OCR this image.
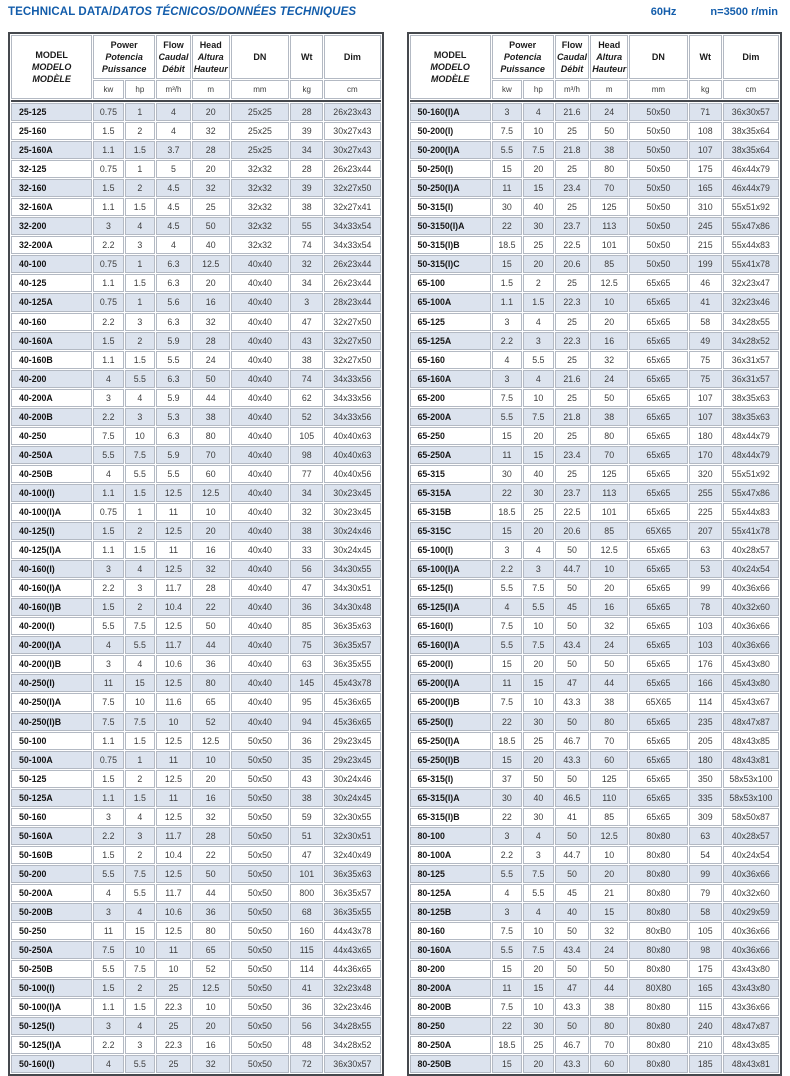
TECHNICAL DATA/DATOS TÉCNICOS/DONNÉES TECHNIQUES	60Hz	n=3500 r/min
MODEL
MODELO
MODÈLE	Power
Potencia
Puissance		Flow
Caudal
Débit	Head
Altura
Hauteur	DN	Wt	Dim
	kw	hp	m³/h	m	mm	kg	cm
25-125	0.75	1	4	20	25x25	28	26x23x43
25-160	1.5	2	4	32	25x25	39	30x27x43
25-160A	1.1	1.5	3.7	28	25x25	34	30x27x43
32-125	0.75	1	5	20	32x32	28	26x23x44
32-160	1.5	2	4.5	32	32x32	39	32x27x50
32-160A	1.1	1.5	4.5	25	32x32	38	32x27x41
32-200	3	4	4.5	50	32x32	55	34x33x54
32-200A	2.2	3	4	40	32x32	74	34x33x54
40-100	0.75	1	6.3	12.5	40x40	32	26x23x44
40-125	1.1	1.5	6.3	20	40x40	34	26x23x44
40-125A	0.75	1	5.6	16	40x40	3	28x23x44
40-160	2.2	3	6.3	32	40x40	47	32x27x50
40-160A	1.5	2	5.9	28	40x40	43	32x27x50
40-160B	1.1	1.5	5.5	24	40x40	38	32x27x50
40-200	4	5.5	6.3	50	40x40	74	34x33x56
40-200A	3	4	5.9	44	40x40	62	34x33x56
40-200B	2.2	3	5.3	38	40x40	52	34x33x56
40-250	7.5	10	6.3	80	40x40	105	40x40x63
40-250A	5.5	7.5	5.9	70	40x40	98	40x40x63
40-250B	4	5.5	5.5	60	40x40	77	40x40x56
40-100(I)	1.1	1.5	12.5	12.5	40x40	34	30x23x45
40-100(I)A	0.75	1	11	10	40x40	32	30x23x45
40-125(I)	1.5	2	12.5	20	40x40	38	30x24x46
40-125(I)A	1.1	1.5	11	16	40x40	33	30x24x45
40-160(I)	3	4	12.5	32	40x40	56	34x30x55
40-160(I)A	2.2	3	11.7	28	40x40	47	34x30x51
40-160(I)B	1.5	2	10.4	22	40x40	36	34x30x48
40-200(I)	5.5	7.5	12.5	50	40x40	85	36x35x63
40-200(I)A	4	5.5	11.7	44	40x40	75	36x35x57
40-200(I)B	3	4	10.6	36	40x40	63	36x35x55
40-250(I)	11	15	12.5	80	40x40	145	45x43x78
40-250(I)A	7.5	10	11.6	65	40x40	95	45x36x65
40-250(I)B	7.5	7.5	10	52	40x40	94	45x36x65
50-100	1.1	1.5	12.5	12.5	50x50	36	29x23x45
50-100A	0.75	1	11	10	50x50	35	29x23x45
50-125	1.5	2	12.5	20	50x50	43	30x24x46
50-125A	1.1	1.5	11	16	50x50	38	30x24x45
50-160	3	4	12.5	32	50x50	59	32x30x55
50-160A	2.2	3	11.7	28	50x50	51	32x30x51
50-160B	1.5	2	10.4	22	50x50	47	32x40x49
50-200	5.5	7.5	12.5	50	50x50	101	36x35x63
50-200A	4	5.5	11.7	44	50x50	800	36x35x57
50-200B	3	4	10.6	36	50x50	68	36x35x55
50-250	11	15	12.5	80	50x50	160	44x43x78
50-250A	7.5	10	11	65	50x50	115	44x43x65
50-250B	5.5	7.5	10	52	50x50	114	44x36x65
50-100(I)	1.5	2	25	12.5	50x50	41	32x23x48
50-100(I)A	1.1	1.5	22.3	10	50x50	36	32x23x46
50-125(I)	3	4	25	20	50x50	56	34x28x55
50-125(I)A	2.2	3	22.3	16	50x50	48	34x28x52
50-160(I)	4	5.5	25	32	50x50	72	36x30x57
MODEL
MODELO
MODÈLE	Power
Potencia
Puissance		Flow
Caudal
Débit	Head
Altura
Hauteur	DN	Wt	Dim
	kw	hp	m³/h	m	mm	kg	cm
50-160(I)A	3	4	21.6	24	50x50	71	36x30x57
50-200(I)	7.5	10	25	50	50x50	108	38x35x64
50-200(I)A	5.5	7.5	21.8	38	50x50	107	38x35x64
50-250(I)	15	20	25	80	50x50	175	46x44x79
50-250(I)A	11	15	23.4	70	50x50	165	46x44x79
50-315(I)	30	40	25	125	50x50	310	55x51x92
50-3150(I)A	22	30	23.7	113	50x50	245	55x47x86
50-315(I)B	18.5	25	22.5	101	50x50	215	55x44x83
50-315(I)C	15	20	20.6	85	50x50	199	55x41x78
65-100	1.5	2	25	12.5	65x65	46	32x23x47
65-100A	1.1	1.5	22.3	10	65x65	41	32x23x46
65-125	3	4	25	20	65x65	58	34x28x55
65-125A	2.2	3	22.3	16	65x65	49	34x28x52
65-160	4	5.5	25	32	65x65	75	36x31x57
65-160A	3	4	21.6	24	65x65	75	36x31x57
65-200	7.5	10	25	50	65x65	107	38x35x63
65-200A	5.5	7.5	21.8	38	65x65	107	38x35x63
65-250	15	20	25	80	65x65	180	48x44x79
65-250A	11	15	23.4	70	65x65	170	48x44x79
65-315	30	40	25	125	65x65	320	55x51x92
65-315A	22	30	23.7	113	65x65	255	55x47x86
65-315B	18.5	25	22.5	101	65x65	225	55x44x83
65-315C	15	20	20.6	85	65X65	207	55x41x78
65-100(I)	3	4	50	12.5	65x65	63	40x28x57
65-100(I)A	2.2	3	44.7	10	65x65	53	40x24x54
65-125(I)	5.5	7.5	50	20	65x65	99	40x36x66
65-125(I)A	4	5.5	45	16	65x65	78	40x32x60
65-160(I)	7.5	10	50	32	65x65	103	40x36x66
65-160(I)A	5.5	7.5	43.4	24	65x65	103	40x36x66
65-200(I)	15	20	50	50	65x65	176	45x43x80
65-200(I)A	11	15	47	44	65x65	166	45x43x80
65-200(I)B	7.5	10	43.3	38	65X65	114	45x43x67
65-250(I)	22	30	50	80	65x65	235	48x47x87
65-250(I)A	18.5	25	46.7	70	65x65	205	48x43x85
65-250(I)B	15	20	43.3	60	65x65	180	48x43x81
65-315(I)	37	50	50	125	65x65	350	58x53x100
65-315(I)A	30	40	46.5	110	65x65	335	58x53x100
65-315(I)B	22	30	41	85	65x65	309	58x50x87
80-100	3	4	50	12.5	80x80	63	40x28x57
80-100A	2.2	3	44.7	10	80x80	54	40x24x54
80-125	5.5	7.5	50	20	80x80	99	40x36x66
80-125A	4	5.5	45	21	80x80	79	40x32x60
80-125B	3	4	40	15	80x80	58	40x29x59
80-160	7.5	10	50	32	80xB0	105	40x36x66
80-160A	5.5	7.5	43.4	24	80x80	98	40x36x66
80-200	15	20	50	50	80x80	175	43x43x80
80-200A	11	15	47	44	80X80	165	43x43x80
80-200B	7.5	10	43.3	38	80x80	115	43x36x66
80-250	22	30	50	80	80x80	240	48x47x87
80-250A	18.5	25	46.7	70	80x80	210	48x43x85
80-250B	15	20	43.3	60	80x80	185	48x43x81
